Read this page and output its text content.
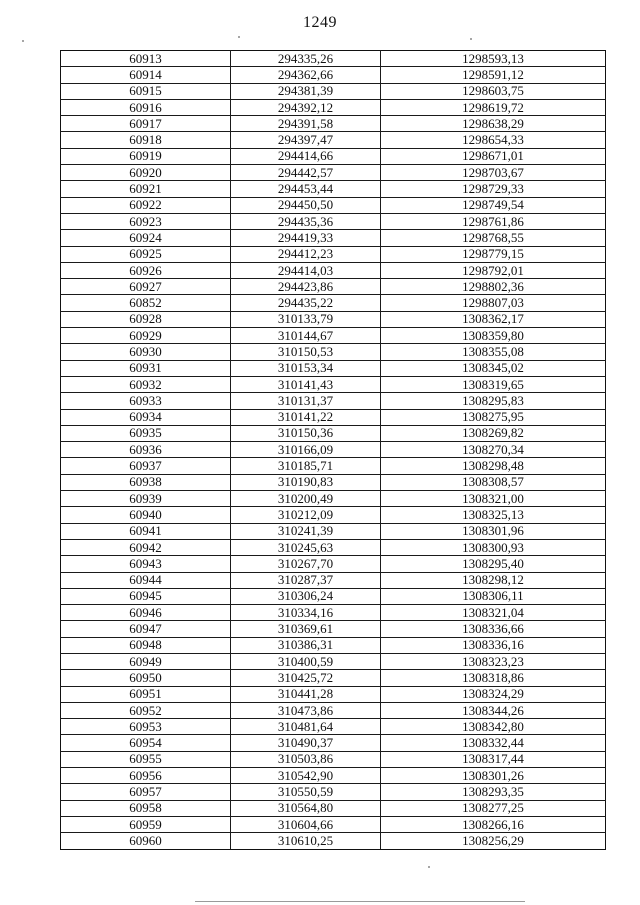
1249
60913	294335,26	1298593,13
60914	294362,66	1298591,12
60915	294381,39	1298603,75
60916	294392,12	1298619,72
60917	294391,58	1298638,29
60918	294397,47	1298654,33
60919	294414,66	1298671,01
60920	294442,57	1298703,67
60921	294453,44	1298729,33
60922	294450,50	1298749,54
60923	294435,36	1298761,86
60924	294419,33	1298768,55
60925	294412,23	1298779,15
60926	294414,03	1298792,01
60927	294423,86	1298802,36
60852	294435,22	1298807,03
60928	310133,79	1308362,17
60929	310144,67	1308359,80
60930	310150,53	1308355,08
60931	310153,34	1308345,02
60932	310141,43	1308319,65
60933	310131,37	1308295,83
60934	310141,22	1308275,95
60935	310150,36	1308269,82
60936	310166,09	1308270,34
60937	310185,71	1308298,48
60938	310190,83	1308308,57
60939	310200,49	1308321,00
60940	310212,09	1308325,13
60941	310241,39	1308301,96
60942	310245,63	1308300,93
60943	310267,70	1308295,40
60944	310287,37	1308298,12
60945	310306,24	1308306,11
60946	310334,16	1308321,04
60947	310369,61	1308336,66
60948	310386,31	1308336,16
60949	310400,59	1308323,23
60950	310425,72	1308318,86
60951	310441,28	1308324,29
60952	310473,86	1308344,26
60953	310481,64	1308342,80
60954	310490,37	1308332,44
60955	310503,86	1308317,44
60956	310542,90	1308301,26
60957	310550,59	1308293,35
60958	310564,80	1308277,25
60959	310604,66	1308266,16
60960	310610,25	1308256,29
